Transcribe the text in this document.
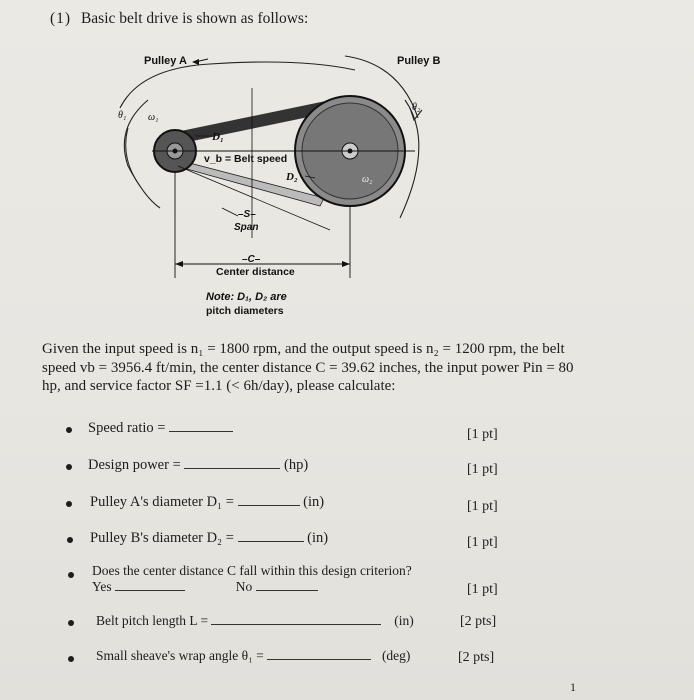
(1) Basic belt drive is shown as follows:
Pulley A	Pulley B
θ₁ ω₁
θ₂
ω₂
D₁
v_b = Belt speed
D₂
–S–
Span
–C–
Center distance
Note: D₁, D₂ are
pitch diameters
Given the input speed is n₁ = 1800 rpm, and the output speed is n₂ = 1200 rpm, the belt
speed vb = 3956.4 ft/min, the center distance C = 39.62 inches, the input power Pin = 80
hp, and service factor SF =1.1 (< 6h/day), please calculate:
Speed ratio =	[1 pt]
Design power =	(hp)	[1 pt]
Pulley A's diameter D₁ =	(in)	[1 pt]
Pulley B's diameter D₂ =	(in)	[1 pt]
Does the center distance C fall within this design criterion?
Yes	No	[1 pt]
Belt pitch length L =	(in)	[2 pts]
Small sheave's wrap angle θ₁ =	(deg)	[2 pts]
1
